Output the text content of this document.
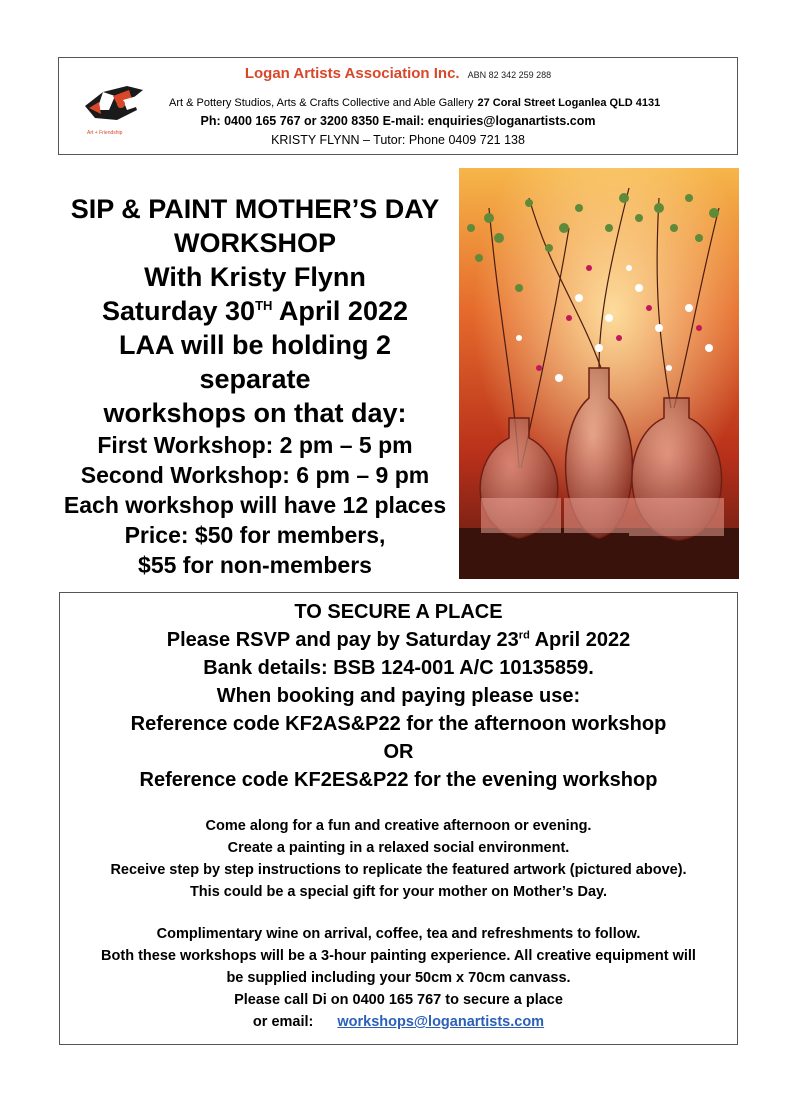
Art + Friendship
Logan Artists Association Inc. ABN 82 342 259 288
Art & Pottery Studios, Arts & Crafts Collective and Able Gallery 27 Coral Street Loganlea QLD 4131
Ph: 0400 165 767 or 3200 8350 E-mail: enquiries@loganartists.com
KRISTY FLYNN – Tutor: Phone 0409 721 138
SIP & PAINT MOTHER’S DAY
WORKSHOP
With Kristy Flynn
Saturday 30TH April 2022
LAA will be holding 2 separate
workshops on that day:
First Workshop: 2 pm – 5 pm
Second Workshop: 6 pm – 9 pm
Each workshop will have 12 places
Price: $50 for members,
$55 for non-members
TO SECURE A PLACE
Please RSVP and pay by Saturday 23rd April 2022
Bank details: BSB 124-001 A/C 10135859.
When booking and paying please use:
Reference code KF2AS&P22 for the afternoon workshop
OR
Reference code KF2ES&P22 for the evening workshop
Come along for a fun and creative afternoon or evening.
Create a painting in a relaxed social environment.
Receive step by step instructions to replicate the featured artwork (pictured above).
This could be a special gift for your mother on Mother’s Day.
Complimentary wine on arrival, coffee, tea and refreshments to follow.
Both these workshops will be a 3-hour painting experience. All creative equipment will
be supplied including your 50cm x 70cm canvass.
Please call Di on 0400 165 767 to secure a place
or email: workshops@loganartists.com
